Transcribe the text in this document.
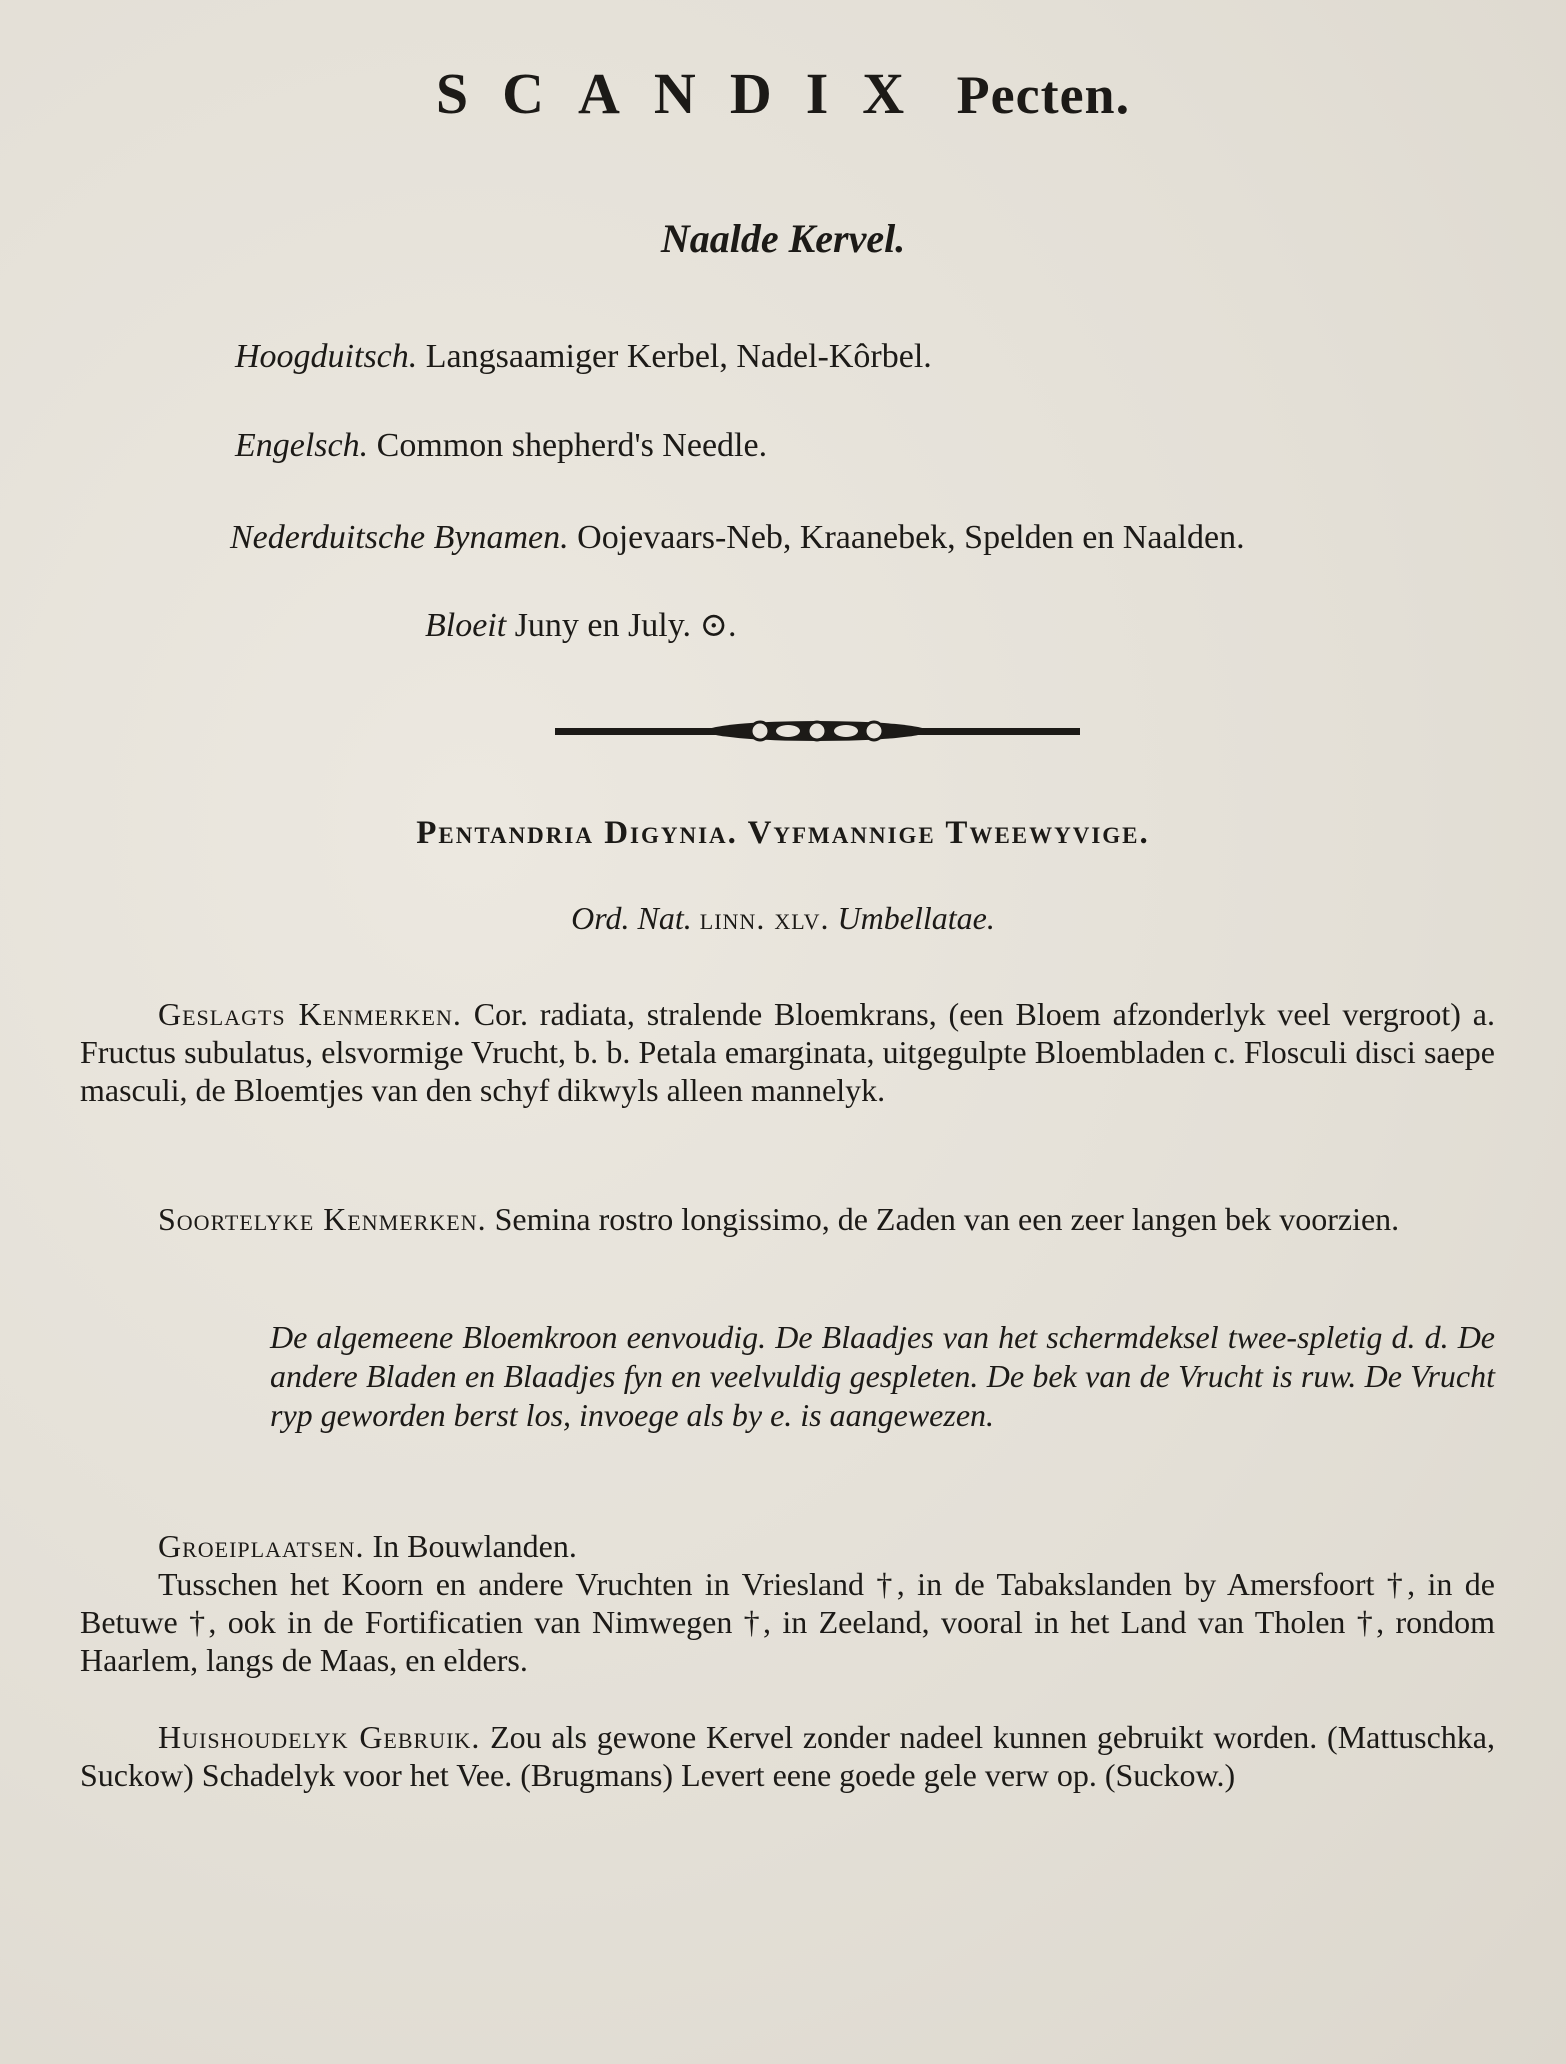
SCANDIX Pecten.
Naalde Kervel.
Hoogduitsch. Langsaamiger Kerbel, Nadel-Kôrbel.
Engelsch. Common shepherd's Needle.
Nederduitsche Bynamen. Oojevaars-Neb, Kraanebek, Spelden en Naalden.
Bloeit Juny en July. ⊙.
Pentandria Digynia. Vyfmannige Tweewyvige.
Ord. Nat. linn. xlv. Umbellatae.
Geslagts Kenmerken. Cor. radiata, stralende Bloemkrans, (een Bloem afzonderlyk veel vergroot) a. Fructus subulatus, elsvormige Vrucht, b. b. Petala emarginata, uitgegulpte Bloembladen c. Flosculi disci saepe masculi, de Bloemtjes van den schyf dikwyls alleen mannelyk.
Soortelyke Kenmerken. Semina rostro longissimo, de Zaden van een zeer langen bek voorzien.
De algemeene Bloemkroon eenvoudig. De Blaadjes van het schermdeksel twee-spletig d. d. De andere Bladen en Blaadjes fyn en veelvuldig gespleten. De bek van de Vrucht is ruw. De Vrucht ryp geworden berst los, invoege als by e. is aangewezen.
Groeiplaatsen. In Bouwlanden.
Tusschen het Koorn en andere Vruchten in Vriesland †, in de Tabakslanden by Amersfoort †, in de Betuwe †, ook in de Fortificatien van Nimwegen †, in Zeeland, vooral in het Land van Tholen †, rondom Haarlem, langs de Maas, en elders.
Huishoudelyk Gebruik. Zou als gewone Kervel zonder nadeel kunnen gebruikt worden. (Mattuschka, Suckow) Schadelyk voor het Vee. (Brugmans) Levert eene goede gele verw op. (Suckow.)
